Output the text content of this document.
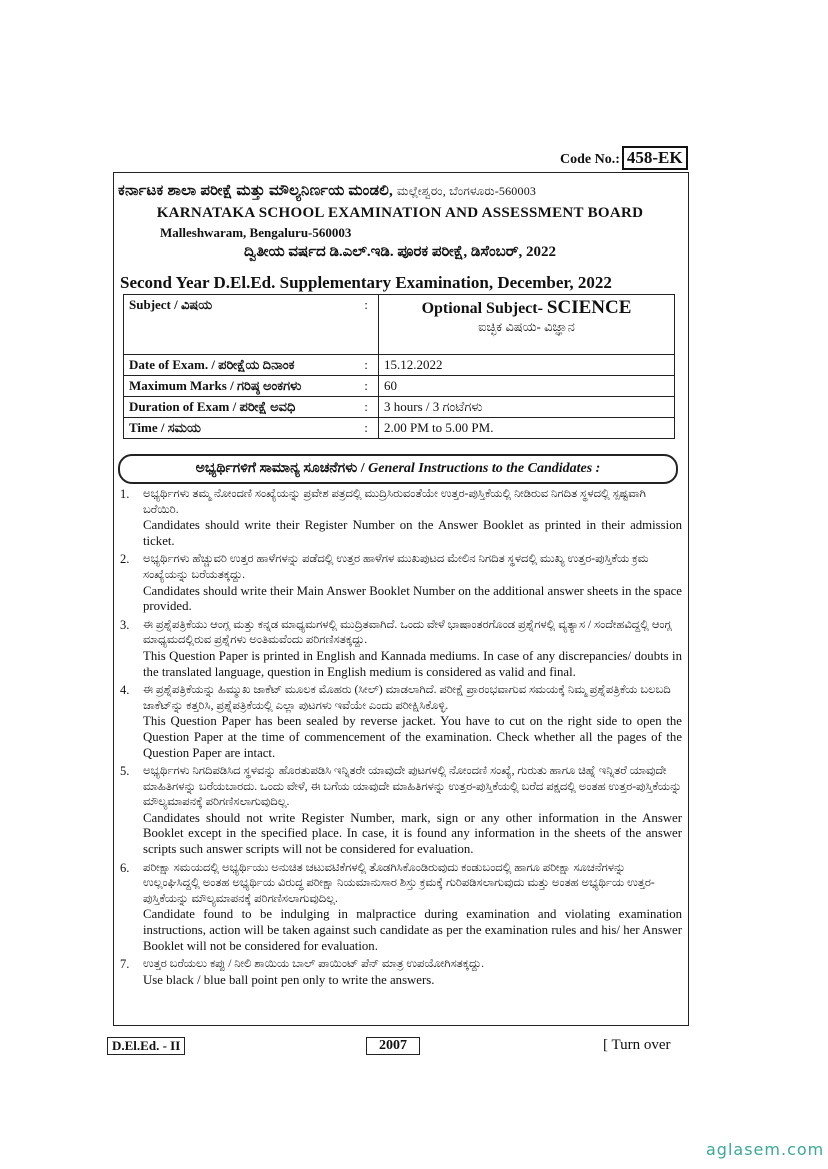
Code No.: 458-EK
ಕರ್ನಾಟಕ ಶಾಲಾ ಪರೀಕ್ಷೆ ಮತ್ತು ಮೌಲ್ಯನಿರ್ಣಯ ಮಂಡಲಿ, ಮಲ್ಲೇಶ್ವರಂ, ಬೆಂಗಳೂರು-560003
KARNATAKA SCHOOL EXAMINATION AND ASSESSMENT BOARD
Malleshwaram, Bengaluru-560003
ದ್ವಿತೀಯ ವರ್ಷದ ಡಿ.ಎಲ್.ಇಡಿ. ಪೂರಕ ಪರೀಕ್ಷೆ, ಡಿಸೆಂಬರ್, 2022
Second Year D.El.Ed. Supplementary Examination, December, 2022
Subject / ವಿಷಯ	:	Optional Subject- SCIENCE
ಐಚ್ಛಿಕ ವಿಷಯ- ವಿಜ್ಞಾನ

Date of Exam. / ಪರೀಕ್ಷೆಯ ದಿನಾಂಕ	:	15.12.2022
Maximum Marks / ಗರಿಷ್ಠ ಅಂಕಗಳು	:	60
Duration of Exam / ಪರೀಕ್ಷೆ ಅವಧಿ	:	3 hours / 3 ಗಂಟೆಗಳು
Time / ಸಮಯ	:	2.00 PM to 5.00 PM.
ಅಭ್ಯರ್ಥಿಗಳಿಗೆ ಸಾಮಾನ್ಯ ಸೂಚನೆಗಳು / General Instructions to the Candidates :
1. ಅಭ್ಯರ್ಥಿಗಳು ತಮ್ಮ ನೋಂದಣಿ ಸಂಖ್ಯೆಯನ್ನು ಪ್ರವೇಶ ಪತ್ರದಲ್ಲಿ ಮುದ್ರಿಸಿರುವಂತೆಯೇ ಉತ್ತರ-ಪುಸ್ತಿಕೆಯಲ್ಲಿ ನೀಡಿರುವ ನಿಗದಿತ ಸ್ಥಳದಲ್ಲಿ ಸ್ಪಷ್ಟವಾಗಿ ಬರೆಯಿರಿ.
Candidates should write their Register Number on the Answer Booklet as printed in their admission ticket.
2. ಅಭ್ಯರ್ಥಿಗಳು ಹೆಚ್ಚುವರಿ ಉತ್ತರ ಹಾಳೆಗಳನ್ನು ಪಡೆದಲ್ಲಿ ಉತ್ತರ ಹಾಳೆಗಳ ಮುಖಪುಟದ ಮೇಲಿನ ನಿಗದಿತ ಸ್ಥಳದಲ್ಲಿ ಮುಖ್ಯ ಉತ್ತರ-ಪುಸ್ತಿಕೆಯ ಕ್ರಮ ಸಂಖ್ಯೆಯನ್ನು ಬರೆಯತಕ್ಕದ್ದು.
Candidates should write their Main Answer Booklet Number on the additional answer sheets in the space provided.
3. ಈ ಪ್ರಶ್ನೆಪತ್ರಿಕೆಯು ಆಂಗ್ಲ ಮತ್ತು ಕನ್ನಡ ಮಾಧ್ಯಮಗಳಲ್ಲಿ ಮುದ್ರಿತವಾಗಿದೆ. ಒಂದು ವೇಳೆ ಭಾಷಾಂತರಗೊಂಡ ಪ್ರಶ್ನೆಗಳಲ್ಲಿ ವ್ಯತ್ಯಾಸ / ಸಂದೇಹವಿದ್ದಲ್ಲಿ ಆಂಗ್ಲ ಮಾಧ್ಯಮದಲ್ಲಿರುವ ಪ್ರಶ್ನೆಗಳು ಅಂತಿಮವೆಂದು ಪರಿಗಣಿಸತಕ್ಕದ್ದು.
This Question Paper is printed in English and Kannada mediums. In case of any discrepancies/ doubts in the translated language, question in English medium is considered as valid and final.
4. ಈ ಪ್ರಶ್ನೆಪತ್ರಿಕೆಯನ್ನು ಹಿಮ್ಮುಖ ಜಾಕೆಟ್ ಮೂಲಕ ಮೊಹರು (ಸೀಲ್) ಮಾಡಲಾಗಿದೆ. ಪರೀಕ್ಷೆ ಪ್ರಾರಂಭವಾಗುವ ಸಮಯಕ್ಕೆ ನಿಮ್ಮ ಪ್ರಶ್ನೆಪತ್ರಿಕೆಯ ಬಲಬದಿ ಜಾಕೆಟ್‌ನ್ನು ಕತ್ತರಿಸಿ, ಪ್ರಶ್ನೆಪತ್ರಿಕೆಯಲ್ಲಿ ಎಲ್ಲಾ ಪುಟಗಳು ಇವೆಯೇ ಎಂದು ಪರೀಕ್ಷಿಸಿಕೊಳ್ಳಿ.
This Question Paper has been sealed by reverse jacket. You have to cut on the right side to open the Question Paper at the time of commencement of the examination. Check whether all the pages of the Question Paper are intact.
5. ಅಭ್ಯರ್ಥಿಗಳು ನಿಗದಿಪಡಿಸಿದ ಸ್ಥಳವನ್ನು ಹೊರತುಪಡಿಸಿ ಇನ್ನಿತರೇ ಯಾವುದೇ ಪುಟಗಳಲ್ಲಿ ನೋಂದಣಿ ಸಂಖ್ಯೆ, ಗುರುತು ಹಾಗೂ ಚಿಹ್ನೆ ಇನ್ನಿತರೆ ಯಾವುದೇ ಮಾಹಿತಿಗಳನ್ನು ಬರೆಯಬಾರದು. ಒಂದು ವೇಳೆ, ಈ ಬಗೆಯ ಯಾವುದೇ ಮಾಹಿತಿಗಳನ್ನು ಉತ್ತರ-ಪುಸ್ತಿಕೆಯಲ್ಲಿ ಬರೆದ ಪಕ್ಷದಲ್ಲಿ ಅಂತಹ ಉತ್ತರ-ಪುಸ್ತಿಕೆಯನ್ನು ಮೌಲ್ಯಮಾಪನಕ್ಕೆ ಪರಿಗಣಿಸಲಾಗುವುದಿಲ್ಲ.
Candidates should not write Register Number, mark, sign or any other information in the Answer Booklet except in the specified place. In case, it is found any information in the sheets of the answer scripts such answer scripts will not be considered for evaluation.
6. ಪರೀಕ್ಷಾ ಸಮಯದಲ್ಲಿ ಅಭ್ಯರ್ಥಿಯು ಅನುಚಿತ ಚಟುವಟಿಕೆಗಳಲ್ಲಿ ತೊಡಗಿಸಿಕೊಂಡಿರುವುದು ಕಂಡುಬಂದಲ್ಲಿ ಹಾಗೂ ಪರೀಕ್ಷಾ ಸೂಚನೆಗಳನ್ನು ಉಲ್ಲಂಘಿಸಿದ್ದಲ್ಲಿ ಅಂತಹ ಅಭ್ಯರ್ಥಿಯ ವಿರುದ್ಧ ಪರೀಕ್ಷಾ ನಿಯಮಾನುಸಾರ ಶಿಸ್ತು ಕ್ರಮಕ್ಕೆ ಗುರಿಪಡಿಸಲಾಗುವುದು ಮತ್ತು ಅಂತಹ ಅಭ್ಯರ್ಥಿಯ ಉತ್ತರ-ಪುಸ್ತಿಕೆಯನ್ನು ಮೌಲ್ಯಮಾಪನಕ್ಕೆ ಪರಿಗಣಿಸಲಾಗುವುದಿಲ್ಲ.
Candidate found to be indulging in malpractice during examination and violating examination instructions, action will be taken against such candidate as per the examination rules and his/ her Answer Booklet will not be considered for evaluation.
7. ಉತ್ತರ ಬರೆಯಲು ಕಪ್ಪು / ನೀಲಿ ಶಾಯಿಯ ಬಾಲ್ ಪಾಯಿಂಟ್ ಪೆನ್ ಮಾತ್ರ ಉಪಯೋಗಿಸತಕ್ಕದ್ದು.
Use black / blue ball point pen only to write the answers.
D.El.Ed. - II	2007	[ Turn over
aglasem.com
